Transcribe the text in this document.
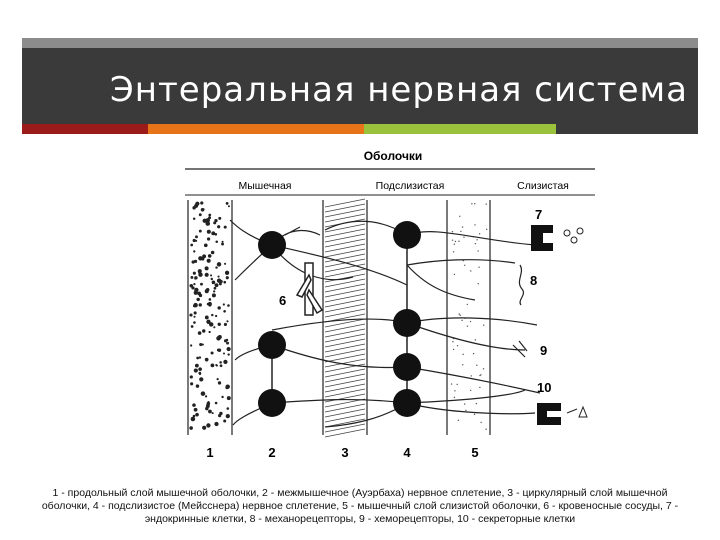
Энтеральная нервная система
Оболочки
Мышечная	Подслизистая	Слизистая
6
7
8
9
10
1	2	3	4	5
1 - продольный слой мышечной оболочки, 2 - межмышечное (Ауэрбаха) нервное сплетение, 3 - циркулярный слой мышечной оболочки, 4 - подслизистое (Мейсснера) нервное сплетение, 5 - мышечный слой слизистой оболочки, 6 - кровеносные сосуды, 7 - эндокринные клетки, 8 - механорецепторы, 9 - хеморецепторы, 10 - секреторные клетки
